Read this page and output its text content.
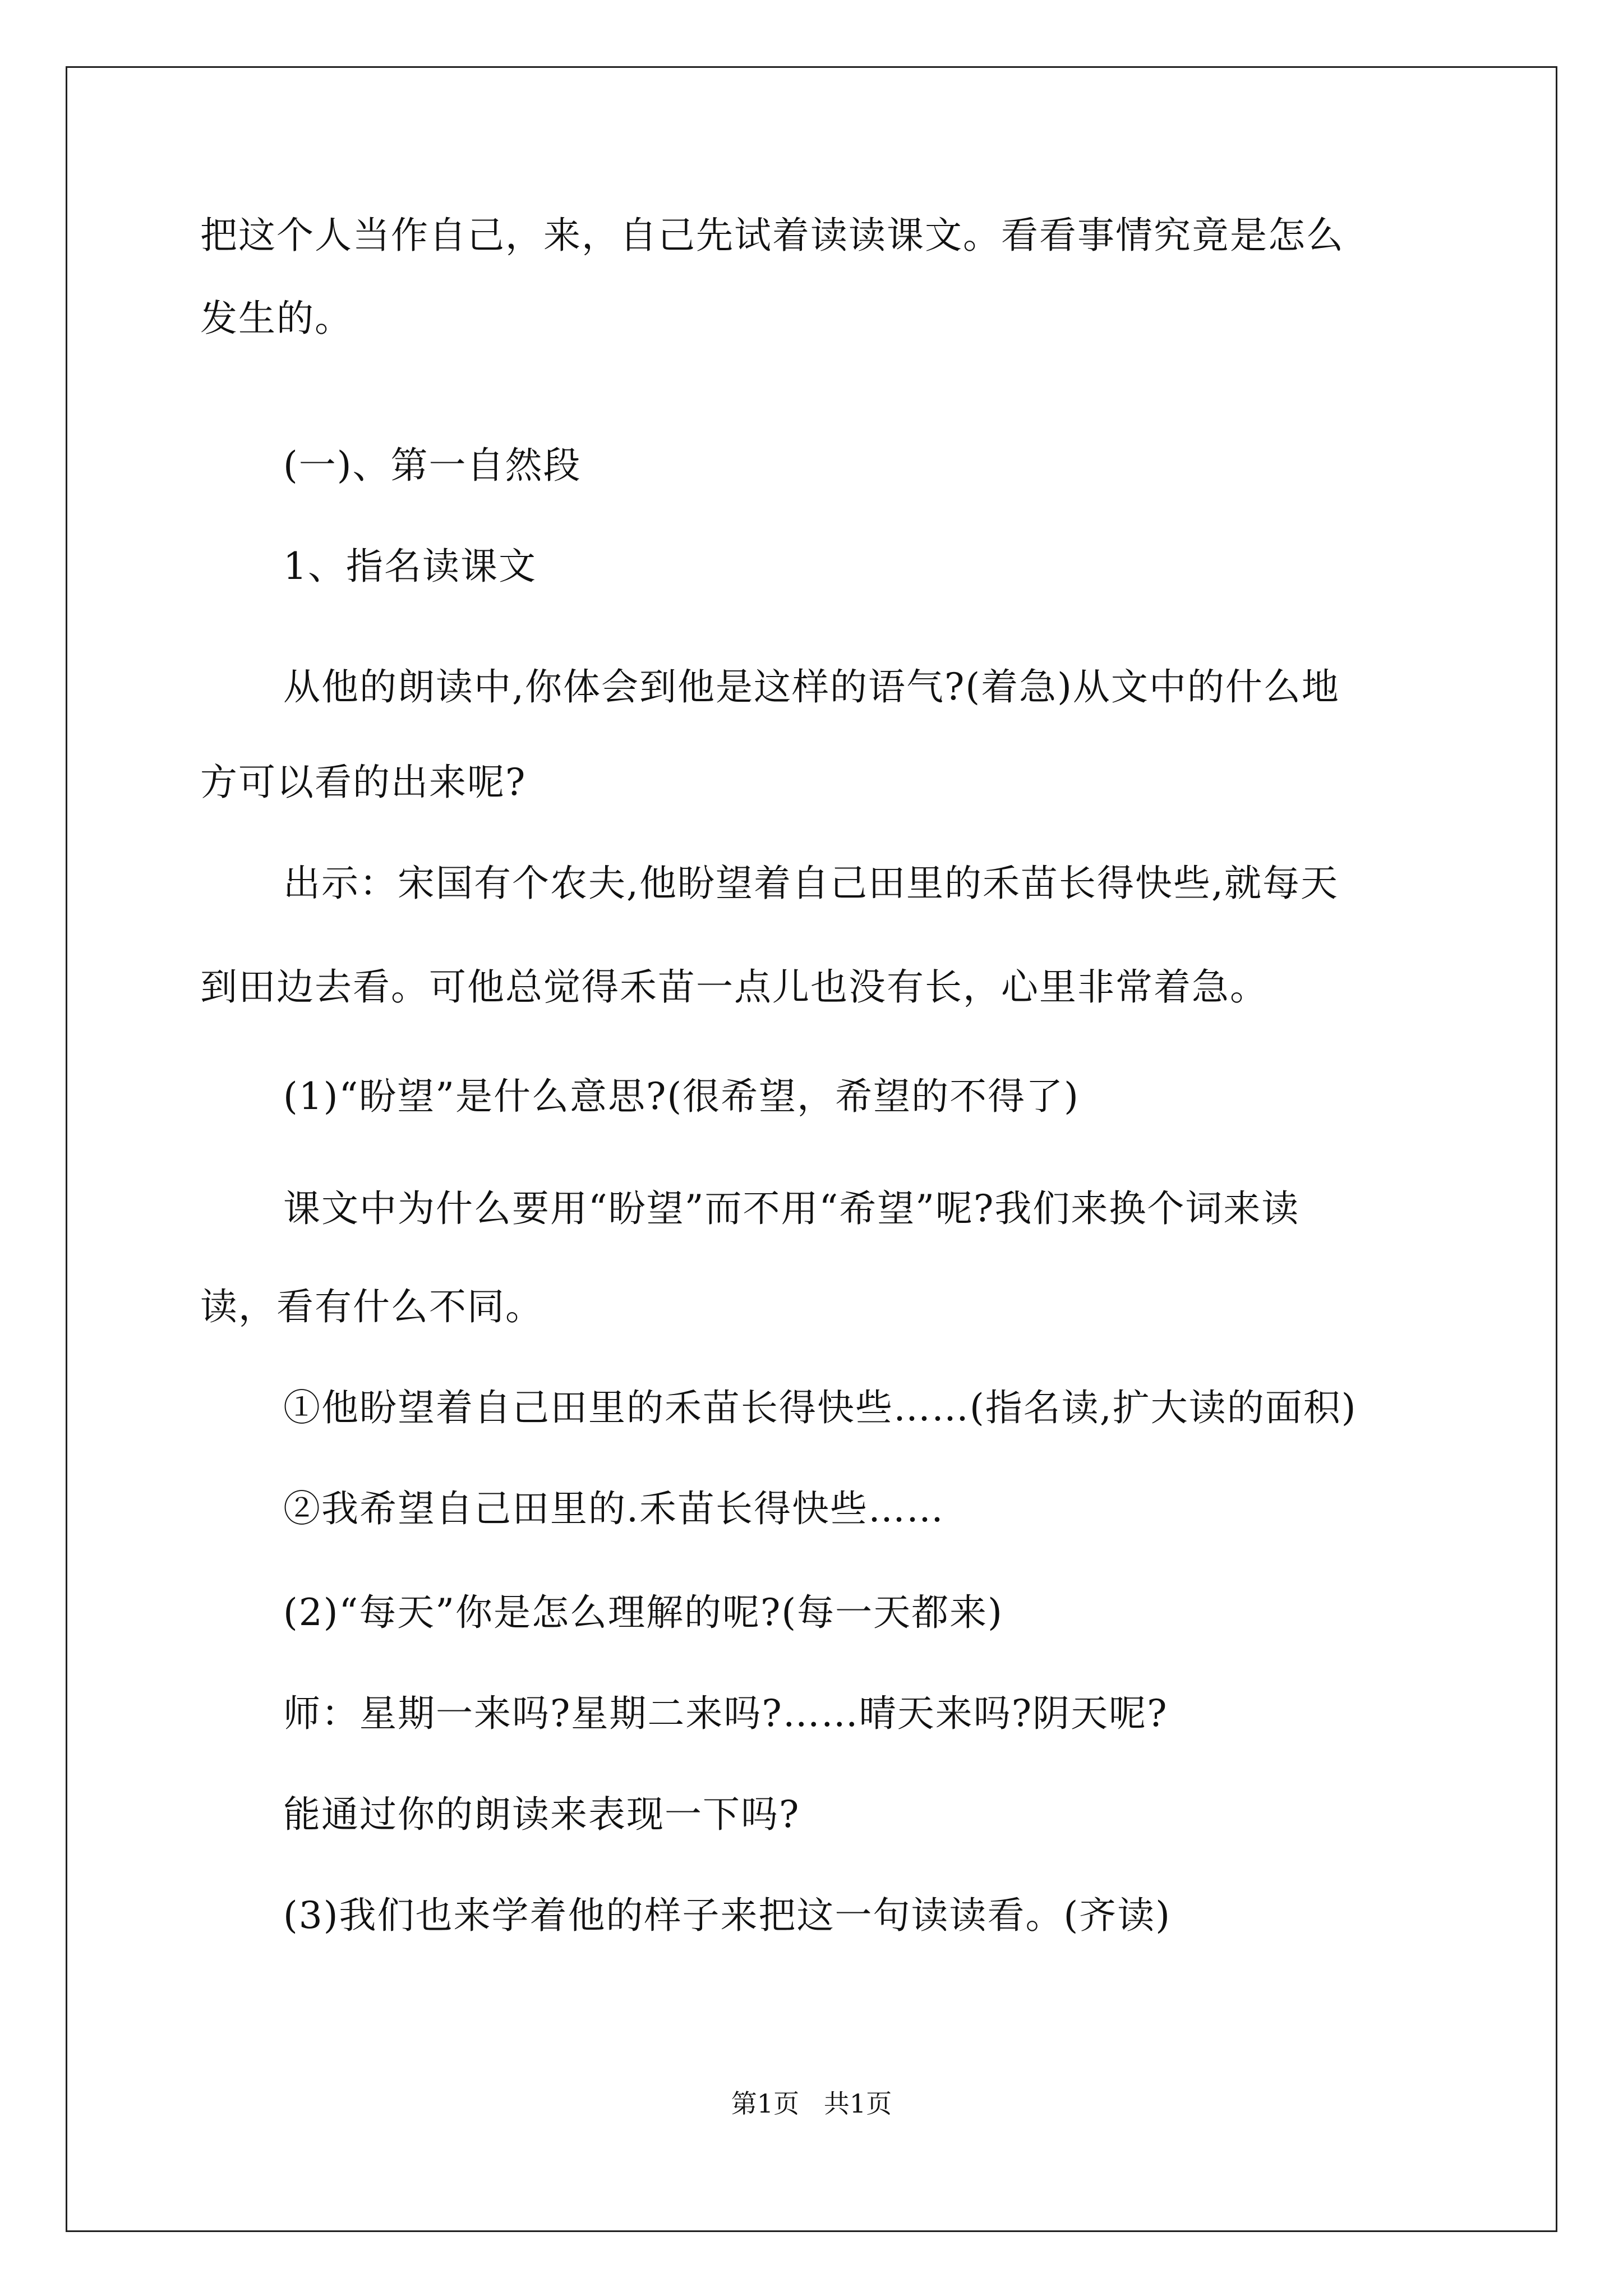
把这个人当作自己，来，自己先试着读读课文。看看事情究竟是怎么

发生的。

(一)、第一自然段

1、指名读课文

从他的朗读中,你体会到他是这样的语气?(着急)从文中的什么地

方可以看的出来呢?

出示：宋国有个农夫,他盼望着自己田里的禾苗长得快些,就每天

到田边去看。可他总觉得禾苗一点儿也没有长，心里非常着急。

(1)“盼望”是什么意思?(很希望，希望的不得了)

课文中为什么要用“盼望”而不用“希望”呢?我们来换个词来读

读，看有什么不同。

①他盼望着自己田里的禾苗长得快些……(指名读,扩大读的面积)

②我希望自己田里的.禾苗长得快些……

(2)“每天”你是怎么理解的呢?(每一天都来)

师：星期一来吗?星期二来吗?……晴天来吗?阴天呢?

能通过你的朗读来表现一下吗?

(3)我们也来学着他的样子来把这一句读读看。(齐读)

第1页   共1页
